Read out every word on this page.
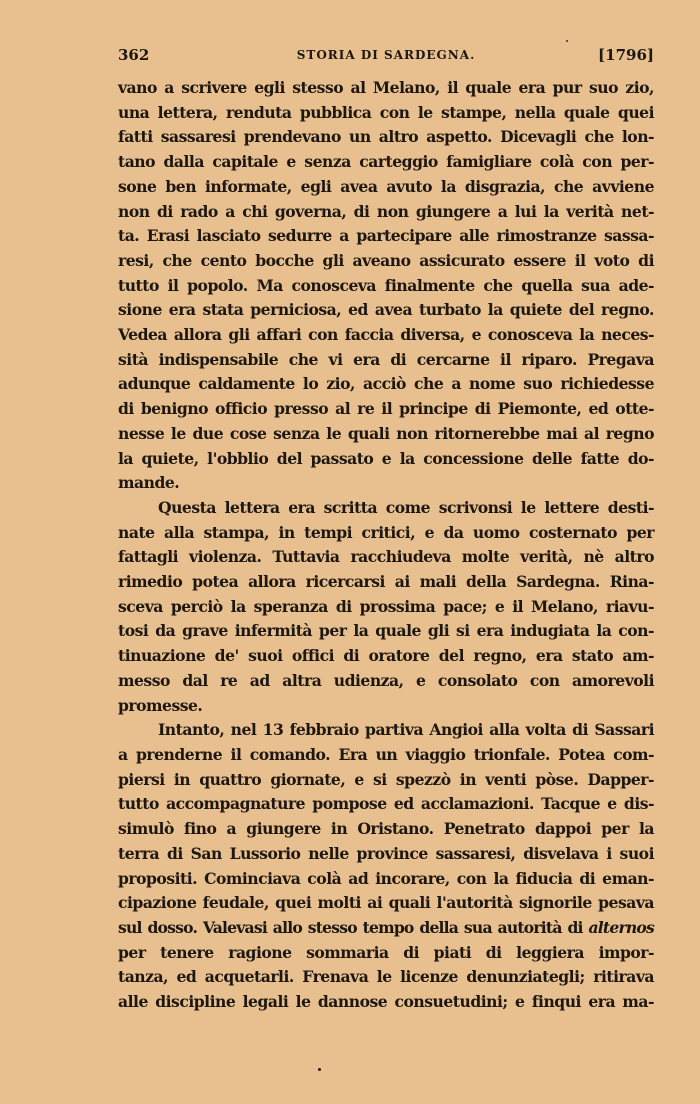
362	STORIA DI SARDEGNA.	[1796]
vano a scrivere egli stesso al Melano, il quale era pur suo zio,
una lettera, renduta pubblica con le stampe, nella quale quei
fatti sassaresi prendevano un altro aspetto. Dicevagli che lon-
tano dalla capitale e senza carteggio famigliare colà con per-
sone ben informate, egli avea avuto la disgrazia, che avviene
non di rado a chi governa, di non giungere a lui la verità net-
ta. Erasi lasciato sedurre a partecipare alle rimostranze sassa-
resi, che cento bocche gli aveano assicurato essere il voto di
tutto il popolo. Ma conosceva finalmente che quella sua ade-
sione era stata perniciosa, ed avea turbato la quiete del regno.
Vedea allora gli affari con faccia diversa, e conosceva la neces-
sità indispensabile che vi era di cercarne il riparo. Pregava
adunque caldamente lo zio, acciò che a nome suo richiedesse
di benigno officio presso al re il principe di Piemonte, ed otte-
nesse le due cose senza le quali non ritornerebbe mai al regno
la quiete, l'obblio del passato e la concessione delle fatte do-
mande.
Questa lettera era scritta come scrivonsi le lettere desti-
nate alla stampa, in tempi critici, e da uomo costernato per
fattagli violenza. Tuttavia racchiudeva molte verità, nè altro
rimedio potea allora ricercarsi ai mali della Sardegna. Rina-
sceva perciò la speranza di prossima pace; e il Melano, riavu-
tosi da grave infermità per la quale gli si era indugiata la con-
tinuazione de' suoi offici di oratore del regno, era stato am-
messo dal re ad altra udienza, e consolato con amorevoli
promesse.
Intanto, nel 13 febbraio partiva Angioi alla volta di Sassari
a prenderne il comando. Era un viaggio trionfale. Potea com-
piersi in quattro giornate, e si spezzò in venti pòse. Dapper-
tutto accompagnature pompose ed acclamazioni. Tacque e dis-
simulò fino a giungere in Oristano. Penetrato dappoi per la
terra di San Lussorio nelle province sassaresi, disvelava i suoi
propositi. Cominciava colà ad incorare, con la fiducia di eman-
cipazione feudale, quei molti ai quali l'autorità signorile pesava
sul dosso. Valevasi allo stesso tempo della sua autorità di alternos
per tenere ragione sommaria di piati di leggiera impor-
tanza, ed acquetarli. Frenava le licenze denunziategli; ritirava
alle discipline legali le dannose consuetudini; e finqui era ma-
